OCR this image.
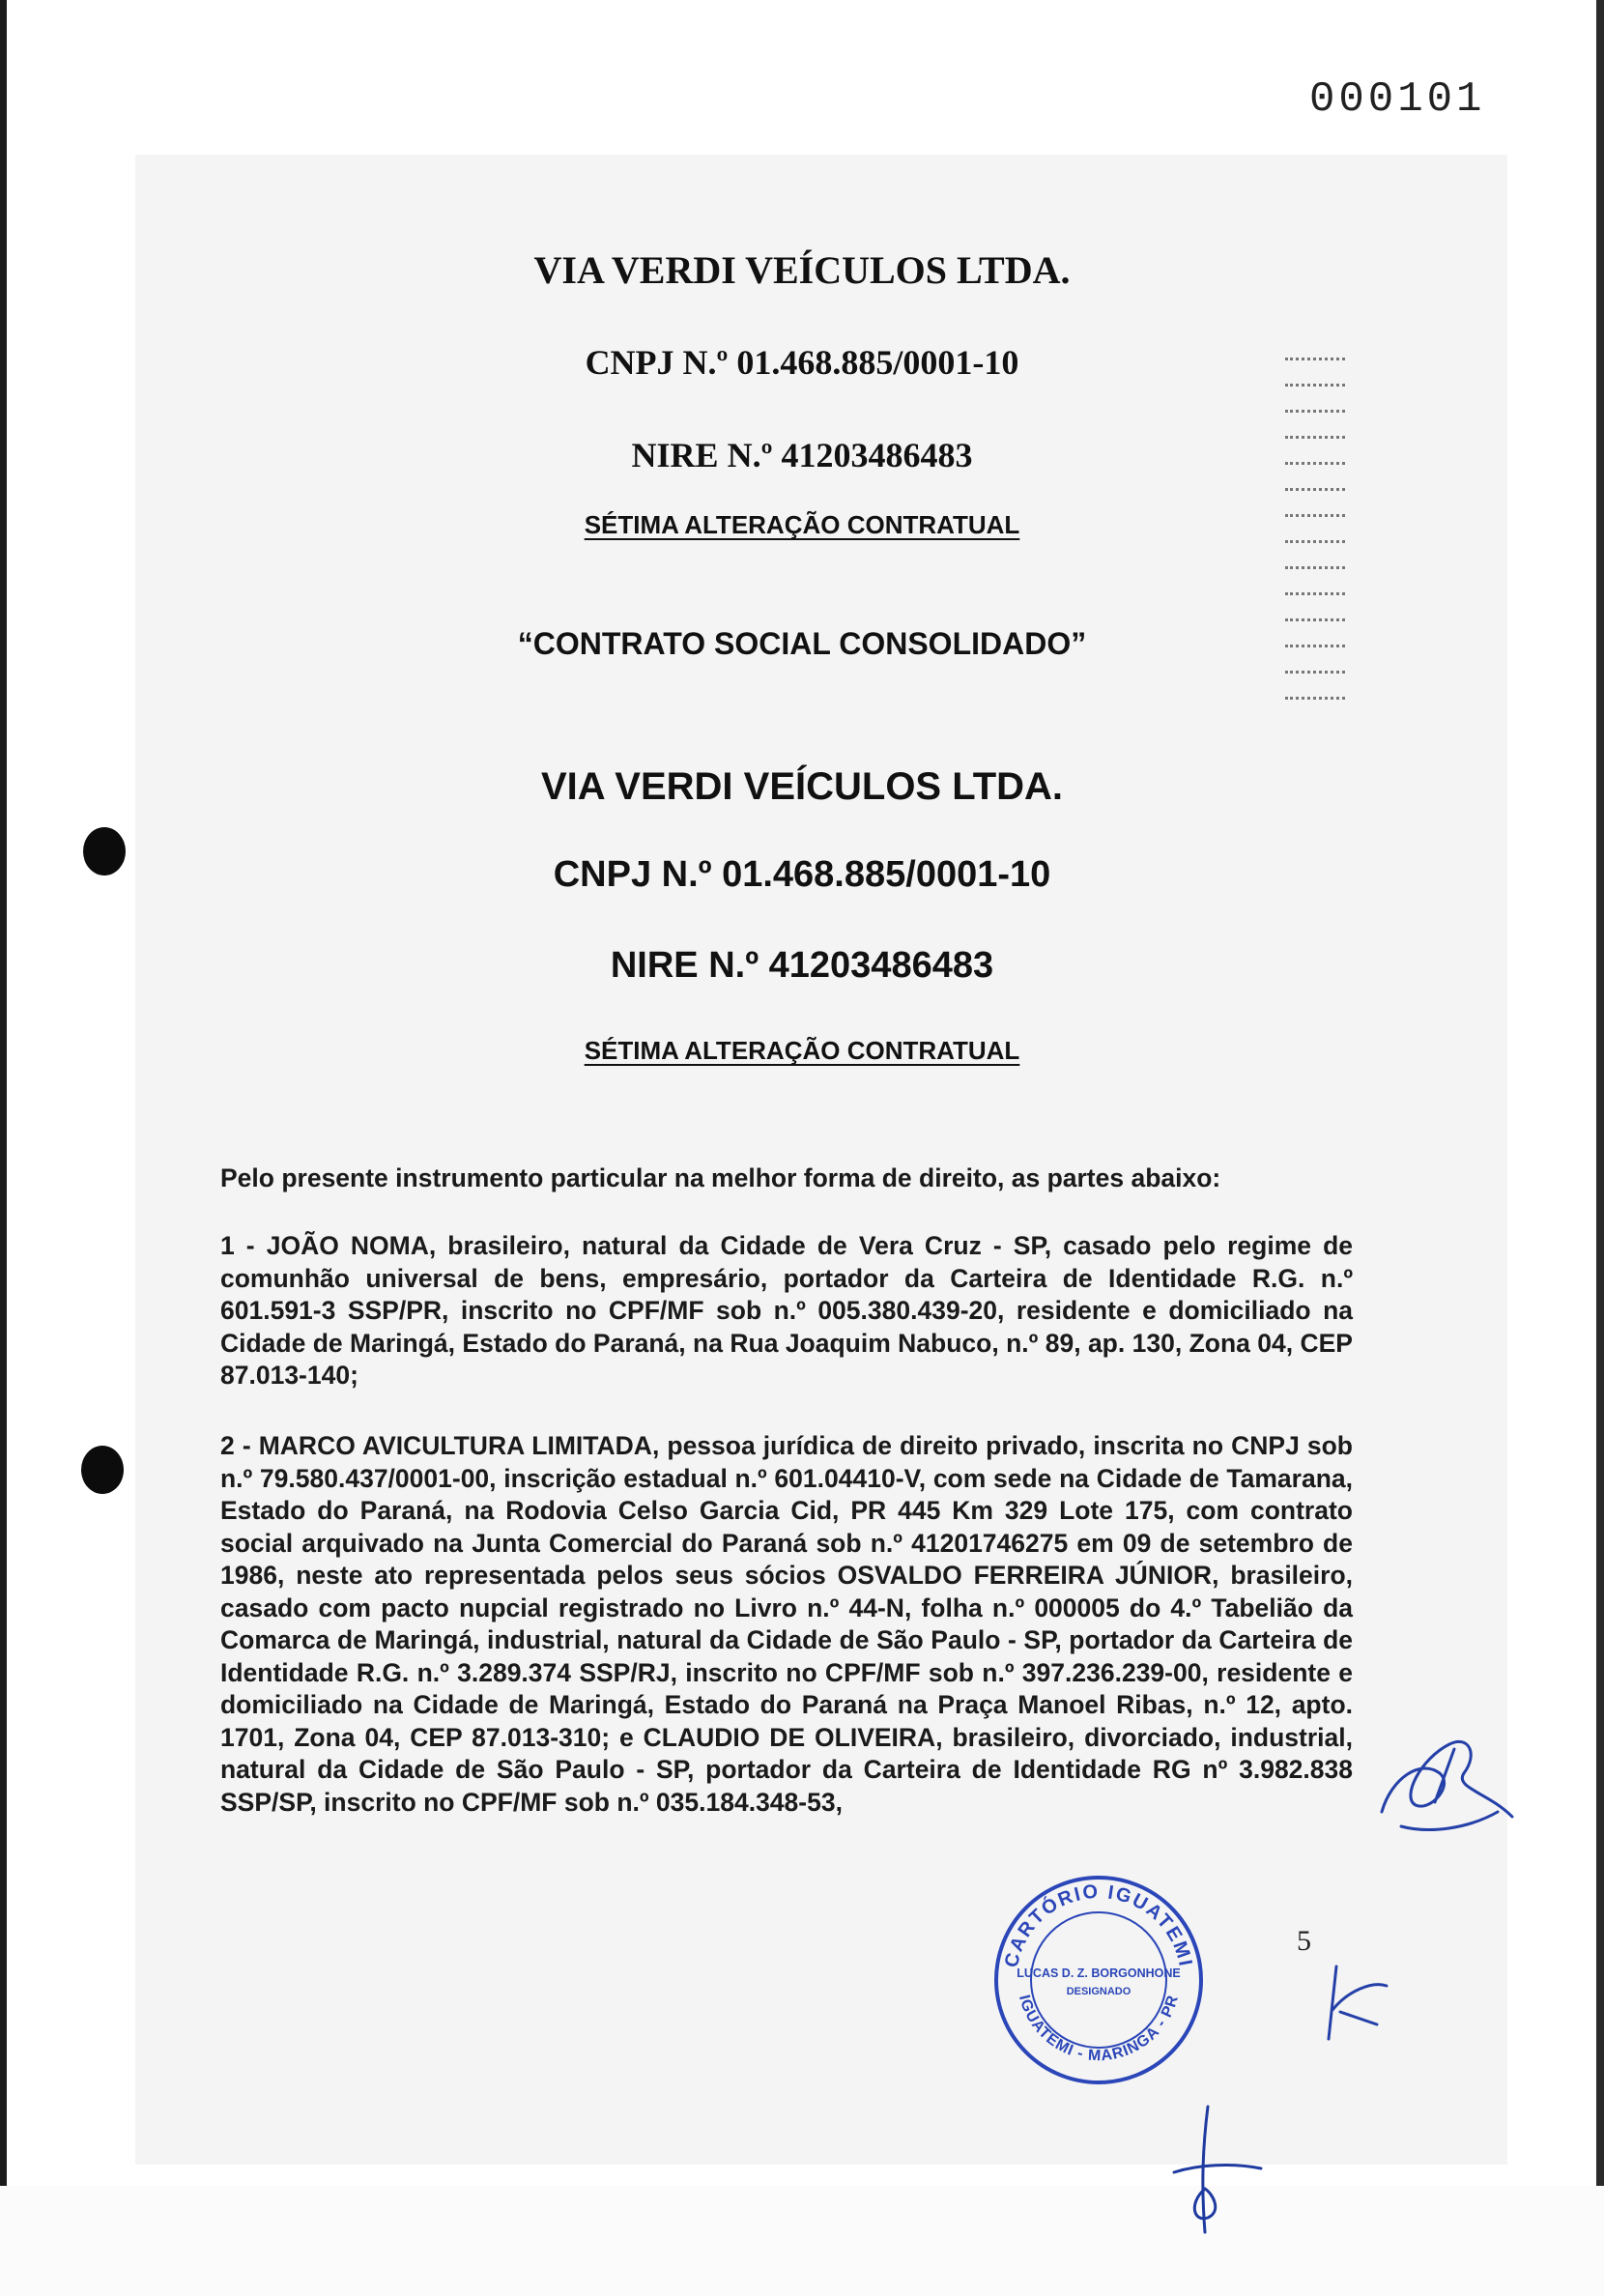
000101
VIA VERDI VEÍCULOS LTDA.
CNPJ N.º 01.468.885/0001-10
NIRE N.º 41203486483
SÉTIMA ALTERAÇÃO CONTRATUAL
“CONTRATO SOCIAL CONSOLIDADO”
VIA VERDI VEÍCULOS LTDA.
CNPJ N.º 01.468.885/0001-10
NIRE N.º 41203486483
SÉTIMA ALTERAÇÃO CONTRATUAL
Pelo presente instrumento particular na melhor forma de direito, as partes abaixo:
1 - JOÃO NOMA, brasileiro, natural da Cidade de Vera Cruz - SP, casado pelo regime de comunhão universal de bens, empresário, portador da Carteira de Identidade R.G. n.º 601.591-3 SSP/PR, inscrito no CPF/MF sob n.º 005.380.439-20, residente e domiciliado na Cidade de Maringá, Estado do Paraná, na Rua Joaquim Nabuco, n.º 89, ap. 130, Zona 04, CEP 87.013-140;
2 - MARCO AVICULTURA LIMITADA, pessoa jurídica de direito privado, inscrita no CNPJ sob n.º 79.580.437/0001-00, inscrição estadual n.º 601.04410-V, com sede na Cidade de Tamarana, Estado do Paraná, na Rodovia Celso Garcia Cid, PR 445 Km 329 Lote 175, com contrato social arquivado na Junta Comercial do Paraná sob n.º 41201746275 em 09 de setembro de 1986, neste ato representada pelos seus sócios OSVALDO FERREIRA JÚNIOR, brasileiro, casado com pacto nupcial registrado no Livro n.º 44-N, folha n.º 000005 do 4.º Tabelião da Comarca de Maringá, industrial, natural da Cidade de São Paulo - SP, portador da Carteira de Identidade R.G. n.º 3.289.374 SSP/RJ, inscrito no CPF/MF sob n.º 397.236.239-00, residente e domiciliado na Cidade de Maringá, Estado do Paraná na Praça Manoel Ribas, n.º 12, apto. 1701, Zona 04, CEP 87.013-310; e CLAUDIO DE OLIVEIRA, brasileiro, divorciado, industrial, natural da Cidade de São Paulo - SP, portador da Carteira de Identidade RG nº 3.982.838 SSP/SP, inscrito no CPF/MF sob n.º 035.184.348-53,
5
CARTÓRIO IGUATEMI
IGUATEMI - MARINGÁ - PR
LUCAS D. Z. BORGONHONE
DESIGNADO
